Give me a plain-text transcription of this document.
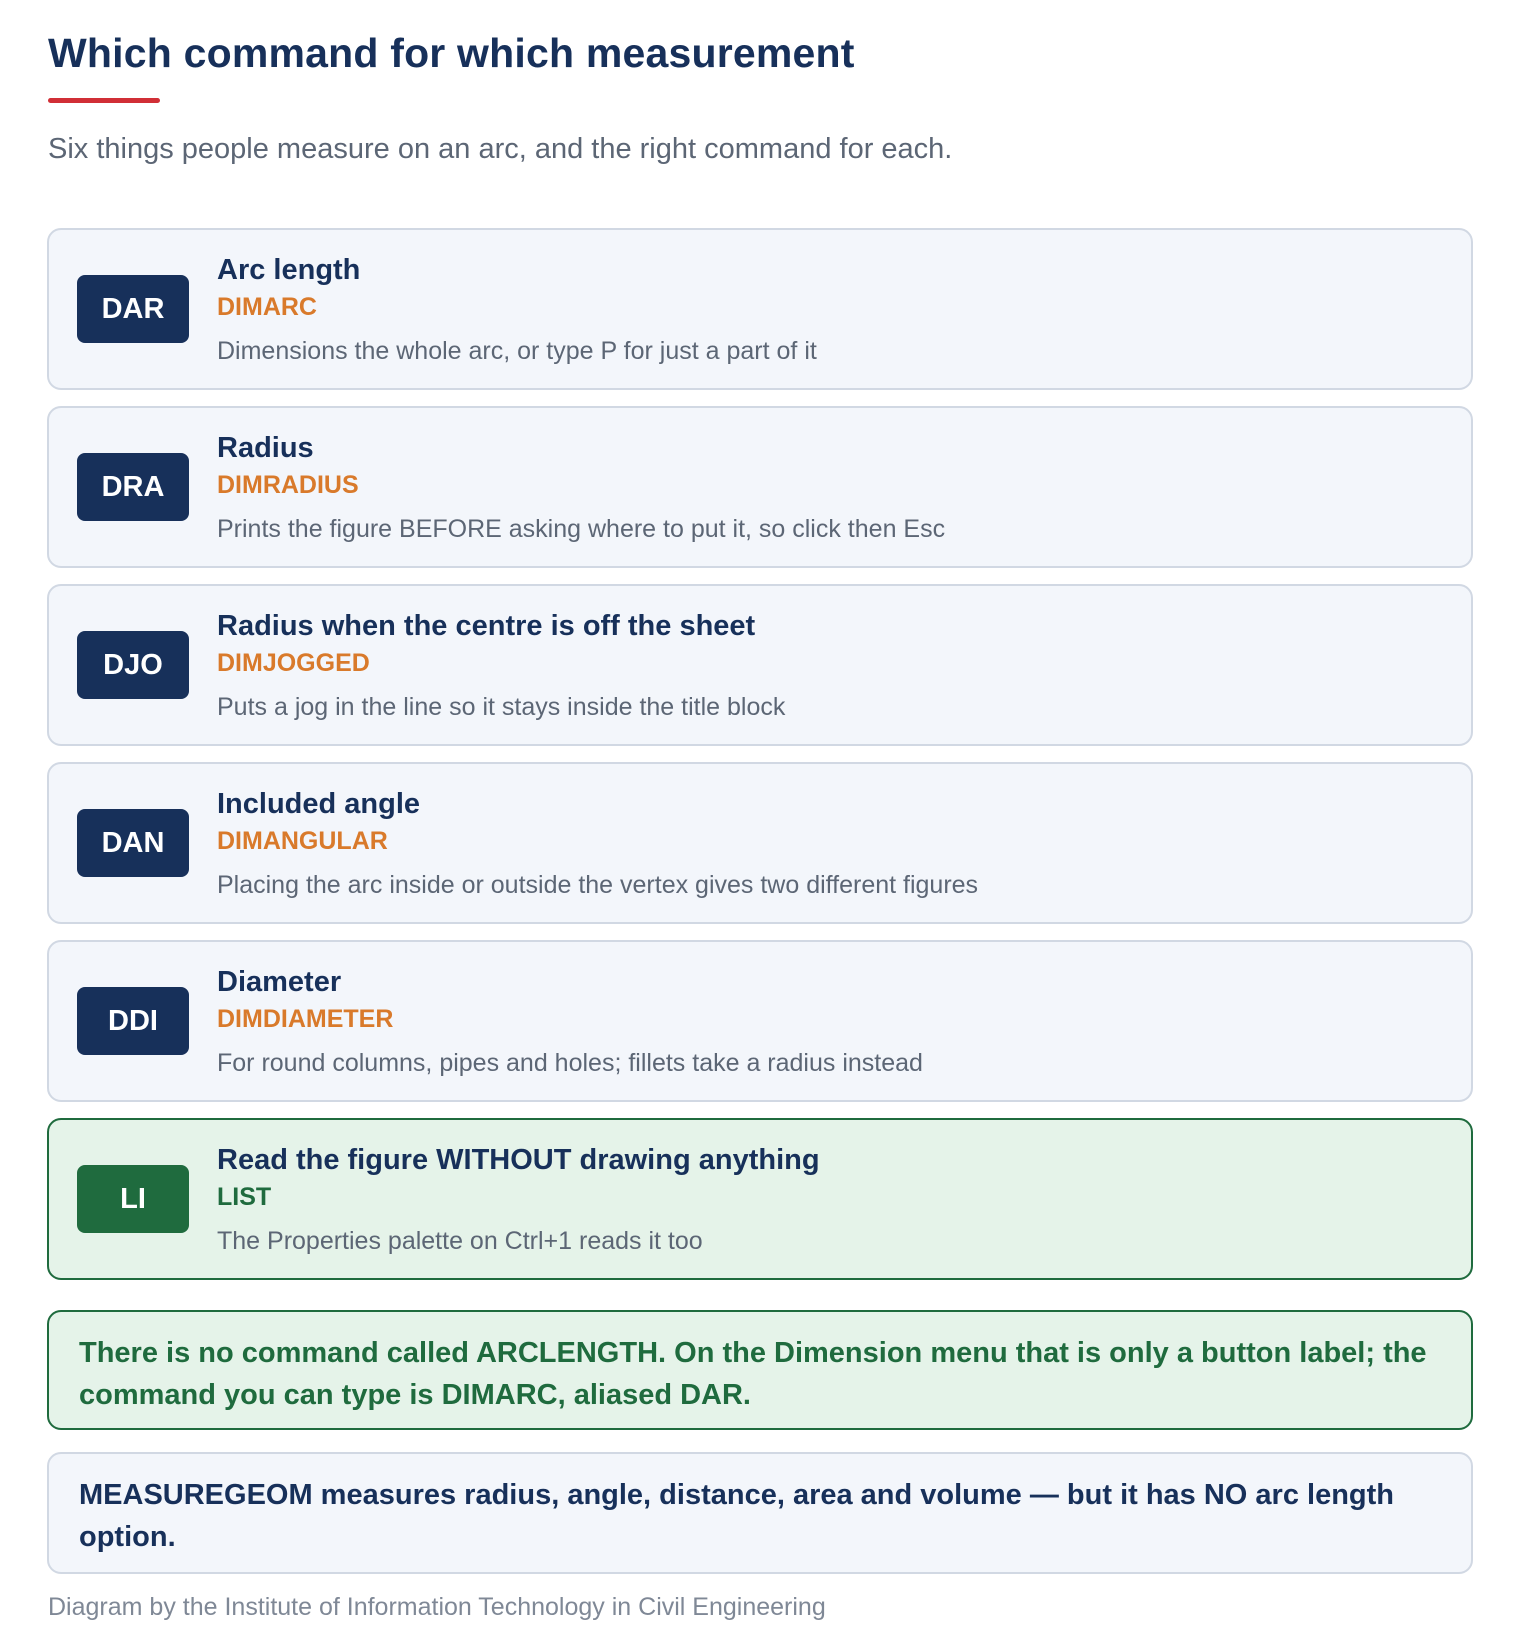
Which command for which measurement
Six things people measure on an arc, and the right command for each.
DAR
Arc length
DIMARC
Dimensions the whole arc, or type P for just a part of it
DRA
Radius
DIMRADIUS
Prints the figure BEFORE asking where to put it, so click then Esc
DJO
Radius when the centre is off the sheet
DIMJOGGED
Puts a jog in the line so it stays inside the title block
DAN
Included angle
DIMANGULAR
Placing the arc inside or outside the vertex gives two different figures
DDI
Diameter
DIMDIAMETER
For round columns, pipes and holes; fillets take a radius instead
LI
Read the figure WITHOUT drawing anything
LIST
The Properties palette on Ctrl+1 reads it too
There is no command called ARCLENGTH. On the Dimension menu that is only a button label; the command you can type is DIMARC, aliased DAR.
MEASUREGEOM measures radius, angle, distance, area and volume — but it has NO arc length option.
Diagram by the Institute of Information Technology in Civil Engineering
